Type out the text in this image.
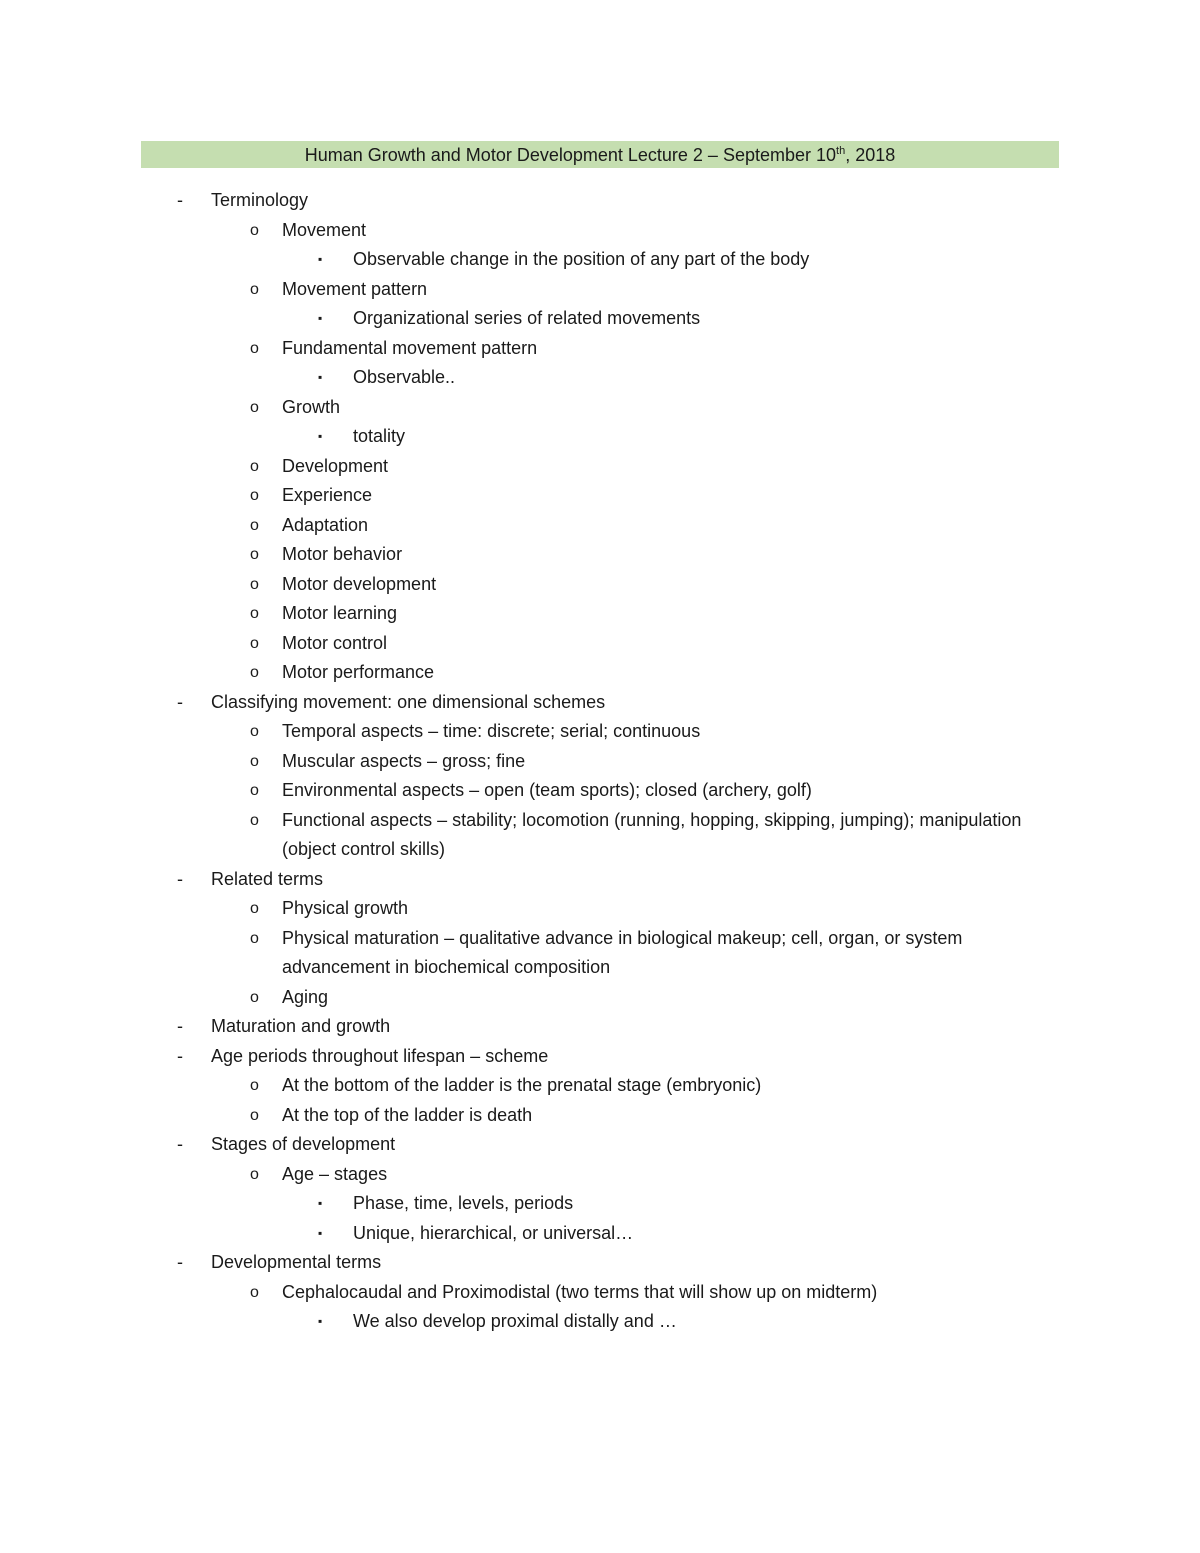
Human Growth and Motor Development Lecture 2 – September 10th, 2018
-	Terminology
o	Movement
▪	Observable change in the position of any part of the body
o	Movement pattern
▪	Organizational series of related movements
o	Fundamental movement pattern
▪	Observable..
o	Growth
▪	totality
o	Development
o	Experience
o	Adaptation
o	Motor behavior
o	Motor development
o	Motor learning
o	Motor control
o	Motor performance
-	Classifying movement: one dimensional schemes
o	Temporal aspects – time: discrete; serial; continuous
o	Muscular aspects – gross; fine
o	Environmental aspects – open (team sports); closed (archery, golf)
o	Functional aspects – stability; locomotion (running, hopping, skipping, jumping); manipulation (object control skills)
-	Related terms
o	Physical growth
o	Physical maturation – qualitative advance in biological makeup; cell, organ, or system advancement in biochemical composition
o	Aging
-	Maturation and growth
-	Age periods throughout lifespan – scheme
o	At the bottom of the ladder is the prenatal stage (embryonic)
o	At the top of the ladder is death
-	Stages of development
o	Age – stages
▪	Phase, time, levels, periods
▪	Unique, hierarchical, or universal…
-	Developmental terms
o	Cephalocaudal and Proximodistal (two terms that will show up on midterm)
▪	We also develop proximal distally and …
